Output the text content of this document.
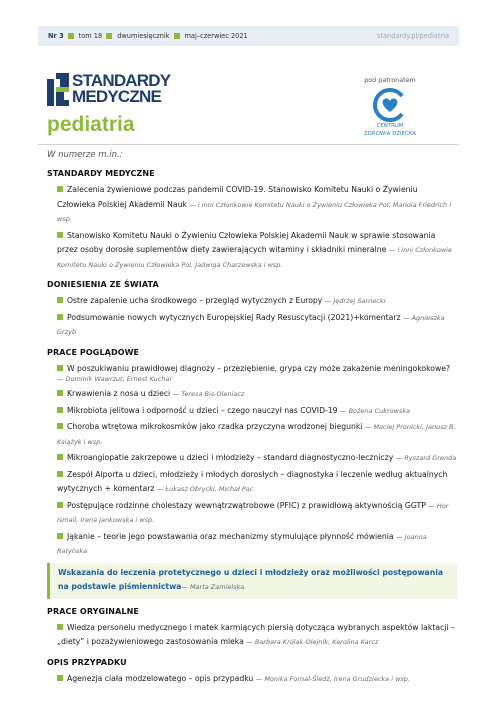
Nr 3 tom 18 dwumiesięcznik maj–czerwiec 2021	standardy.pl/pediatria
STANDARDY
MEDYCZNE
pediatria
pod patronatem
CENTRUM
ZDROWIA DZIECKA
W numerze m.in.:
STANDARDY MEDYCZNE
Zalecenia żywieniowe podczas pandemii COVID-19. Stanowisko Komitetu Nauki o Żywieniu Człowieka Polskiej Akademii Nauk — i inni Członkowie Komitetu Nauki o Żywieniu Człowieka Pol, Mariola Friedrich i wsp.
Stanowisko Komitetu Nauki o Żywieniu Człowieka Polskiej Akademii Nauk w sprawie stosowania przez osoby dorosłe suplementów diety zawierających witaminy i składniki mineralne — i inni Członkowie Komitetu Nauki o Żywieniu Człowieka Pol, Jadwiga Charzewska i wsp.
DONIESIENIA ZE ŚWIATA
Ostre zapalenie ucha środkowego – przegląd wytycznych z Europy — Jędrzej Sarnecki
Podsumowanie nowych wytycznych Europejskiej Rady Resuscytacji (2021)+komentarz — Agnieszka Grzyb
PRACE POGLĄDOWE
W poszukiwaniu prawidłowej diagnozy – przeziębienie, grypa czy może zakażenie meningokokowe?
— Dominik Wawrzut, Ernest Kuchar
Krwawienia z nosa u dzieci — Teresa Bis-Oleniacz
Mikrobiota jelitowa i odporność u dzieci – czego nauczył nas COVID-19 — Bożena Cukrowska
Choroba wtrętowa mikrokosmków jako rzadka przyczyna wrodzonej biegunki — Maciej Pronicki, Janusz B. Książyk i wsp.
Mikroangiopatie zakrzepowe u dzieci i młodzieży – standard diagnostyczno-leczniczy — Ryszard Grenda
Zespół Alporta u dzieci, młodzieży i młodych dorosłych – diagnostyka i leczenie według aktualnych wytycznych + komentarz — Łukasz Obrycki, Michał Pac
Postępujące rodzinne cholestazy wewnątrzwątrobowe (PFIC) z prawidłową aktywnością GGTP — Hor Ismail, Irena Jankowska i wsp.
Jąkanie – teorie jego powstawania oraz mechanizmy stymulujące płynność mówienia — Joanna Ratyńska
Wskazania do leczenia protetycznego u dzieci i młodzieży oraz możliwości postępowania na podstawie piśmiennictwa— Marta Zamielska
PRACE ORYGINALNE
Wiedza personelu medycznego i matek karmiących piersią dotycząca wybranych aspektów laktacji – „dietу” i pozażywieniowego zastosowania mleka — Barbara Królak-Olejnik, Karolina Karcz
OPIS PRZYPADKU
Agenezja ciała modzelowatego – opis przypadku — Monika Fornal-Śledź, Irena Grudziecka i wsp.
